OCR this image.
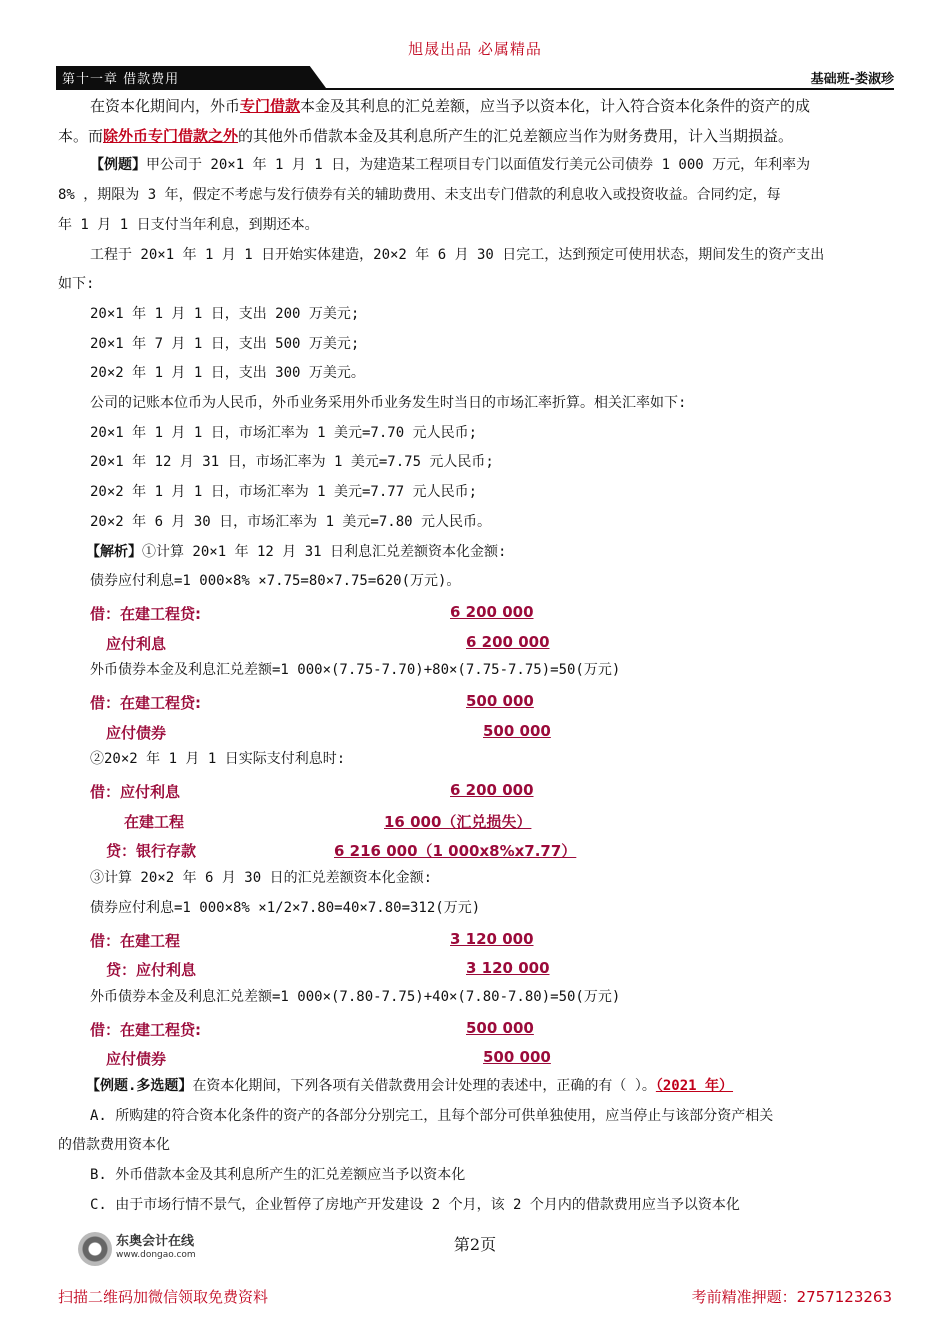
旭晟出品 必属精品
第十一章 借款费用	基础班-娄淑珍
在资本化期间内，外币专门借款本金及其利息的汇兑差额，应当予以资本化，计入符合资本化条件的资产的成
本。而除外币专门借款之外的其他外币借款本金及其利息所产生的汇兑差额应当作为财务费用，计入当期损益。
【例题】甲公司于 20×1 年 1 月 1 日，为建造某工程项目专门以面值发行美元公司债券 1 000 万元，年利率为
8% ，期限为 3 年，假定不考虑与发行债券有关的辅助费用、未支出专门借款的利息收入或投资收益。合同约定，每
年 1 月 1 日支付当年利息，到期还本。
工程于 20×1 年 1 月 1 日开始实体建造，20×2 年 6 月 30 日完工，达到预定可使用状态，期间发生的资产支出
如下:
20×1 年 1 月 1 日，支出 200 万美元;
20×1 年 7 月 1 日，支出 500 万美元;
20×2 年 1 月 1 日，支出 300 万美元。
公司的记账本位币为人民币，外币业务采用外币业务发生时当日的市场汇率折算。相关汇率如下:
20×1 年 1 月 1 日，市场汇率为 1 美元=7.70 元人民币;
20×1 年 12 月 31 日，市场汇率为 1 美元=7.75 元人民币;
20×2 年 1 月 1 日，市场汇率为 1 美元=7.77 元人民币;
20×2 年 6 月 30 日，市场汇率为 1 美元=7.80 元人民币。
【解析】①计算 20×1 年 12 月 31 日利息汇兑差额资本化金额:
债券应付利息=1 000×8% ×7.75=80×7.75=620(万元)。
借：在建工程贷:	6 200 000
应付利息	6 200 000
外币债券本金及利息汇兑差额=1 000×(7.75-7.70)+80×(7.75-7.75)=50(万元)
借：在建工程贷:	500 000
应付债券	500 000
②20×2 年 1 月 1 日实际支付利息时:
借：应付利息	6 200 000
在建工程	16 000（汇兑损失）
贷：银行存款	6 216 000（1 000x8%x7.77）
③计算 20×2 年 6 月 30 日的汇兑差额资本化金额:
债券应付利息=1 000×8% ×1/2×7.80=40×7.80=312(万元)
借：在建工程	3 120 000
贷：应付利息	3 120 000
外币债券本金及利息汇兑差额=1 000×(7.80-7.75)+40×(7.80-7.80)=50(万元)
借：在建工程贷:	500 000
应付债券	500 000
【例题.多选题】在资本化期间，下列各项有关借款费用会计处理的表述中，正确的有（ ）。（2021 年）
A. 所购建的符合资本化条件的资产的各部分分别完工，且每个部分可供单独使用，应当停止与该部分资产相关
的借款费用资本化
B. 外币借款本金及其利息所产生的汇兑差额应当予以资本化
C. 由于市场行情不景气，企业暂停了房地产开发建设 2 个月，该 2 个月内的借款费用应当予以资本化
东奥会计在线
www.dongao.com
第2页
扫描二维码加微信领取免费资料	考前精准押题：2757123263
